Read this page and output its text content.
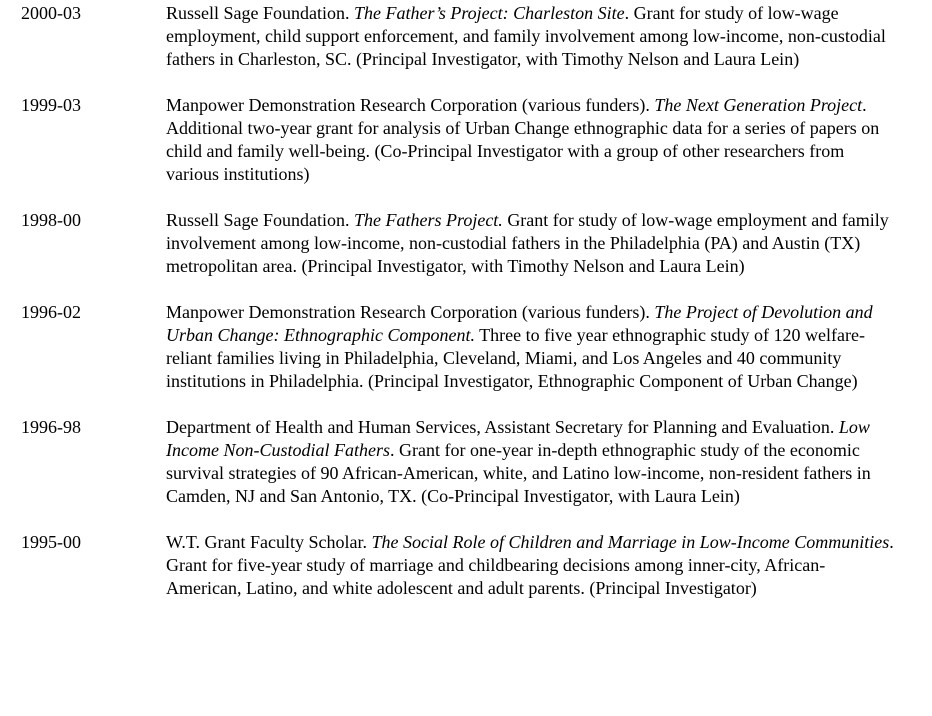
2000-03	Russell Sage Foundation. The Father’s Project: Charleston Site. Grant for study of low-wage employment, child support enforcement, and family involvement among low-income, non-custodial fathers in Charleston, SC. (Principal Investigator, with Timothy Nelson and Laura Lein)
1999-03	Manpower Demonstration Research Corporation (various funders). The Next Generation Project. Additional two-year grant for analysis of Urban Change ethnographic data for a series of papers on child and family well-being. (Co-Principal Investigator with a group of other researchers from various institutions)
1998-00	Russell Sage Foundation. The Fathers Project. Grant for study of low-wage employment and family involvement among low-income, non-custodial fathers in the Philadelphia (PA) and Austin (TX) metropolitan area. (Principal Investigator, with Timothy Nelson and Laura Lein)
1996-02	Manpower Demonstration Research Corporation (various funders). The Project of Devolution and Urban Change: Ethnographic Component. Three to five year ethnographic study of 120 welfare-reliant families living in Philadelphia, Cleveland, Miami, and Los Angeles and 40 community institutions in Philadelphia. (Principal Investigator, Ethnographic Component of Urban Change)
1996-98	Department of Health and Human Services, Assistant Secretary for Planning and Evaluation. Low Income Non-Custodial Fathers. Grant for one-year in-depth ethnographic study of the economic survival strategies of 90 African-American, white, and Latino low-income, non-resident fathers in Camden, NJ and San Antonio, TX. (Co-Principal Investigator, with Laura Lein)
1995-00	W.T. Grant Faculty Scholar. The Social Role of Children and Marriage in Low-Income Communities. Grant for five-year study of marriage and childbearing decisions among inner-city, African-American, Latino, and white adolescent and adult parents. (Principal Investigator)
